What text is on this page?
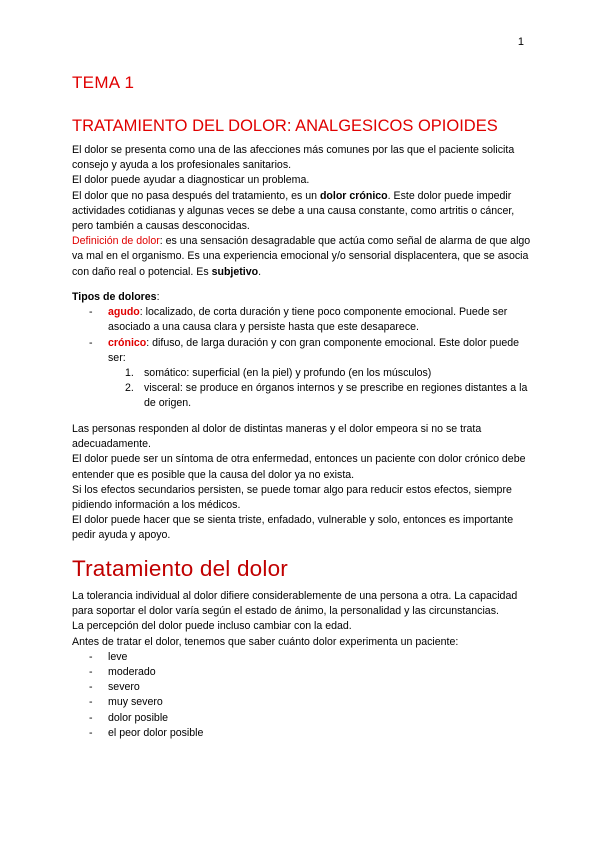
1
TEMA 1
TRATAMIENTO DEL DOLOR: ANALGESICOS OPIOIDES

El dolor se presenta como una de las afecciones más comunes por las que el paciente solicita consejo y ayuda a los profesionales sanitarios.

El dolor puede ayudar a diagnosticar un problema.

El dolor que no pasa después del tratamiento, es un dolor crónico. Este dolor puede impedir actividades cotidianas y algunas veces se debe a una causa constante, como artritis o cáncer, pero también a causas desconocidas.

Definición de dolor: es una sensación desagradable que actúa como señal de alarma de que algo va mal en el organismo. Es una experiencia emocional y/o sensorial displacentera, que se asocia con daño real o potencial. Es subjetivo.

Tipos de dolores:

- agudo: localizado, de corta duración y tiene poco componente emocional. Puede ser asociado a una causa clara y persiste hasta que este desaparece.
- crónico: difuso, de larga duración y con gran componente emocional. Este dolor puede ser:
1. somático: superficial (en la piel) y profundo (en los músculos)
2. visceral: se produce en órganos internos y se prescribe en regiones distantes a la de origen.

Las personas responden al dolor de distintas maneras y el dolor empeora si no se trata adecuadamente.

El dolor puede ser un síntoma de otra enfermedad, entonces un paciente con dolor crónico debe entender que es posible que la causa del dolor ya no exista.

Si los efectos secundarios persisten, se puede tomar algo para reducir estos efectos, siempre pidiendo información a los médicos.

El dolor puede hacer que se sienta triste, enfadado, vulnerable y solo, entonces es importante pedir ayuda y apoyo.

Tratamiento del dolor

La tolerancia individual al dolor difiere considerablemente de una persona a otra. La capacidad para soportar el dolor varía según el estado de ánimo, la personalidad y las circunstancias.

La percepción del dolor puede incluso cambiar con la edad.

Antes de tratar el dolor, tenemos que saber cuánto dolor experimenta un paciente:

- leve
- moderado
- severo
- muy severo
- dolor posible
- el peor dolor posible
